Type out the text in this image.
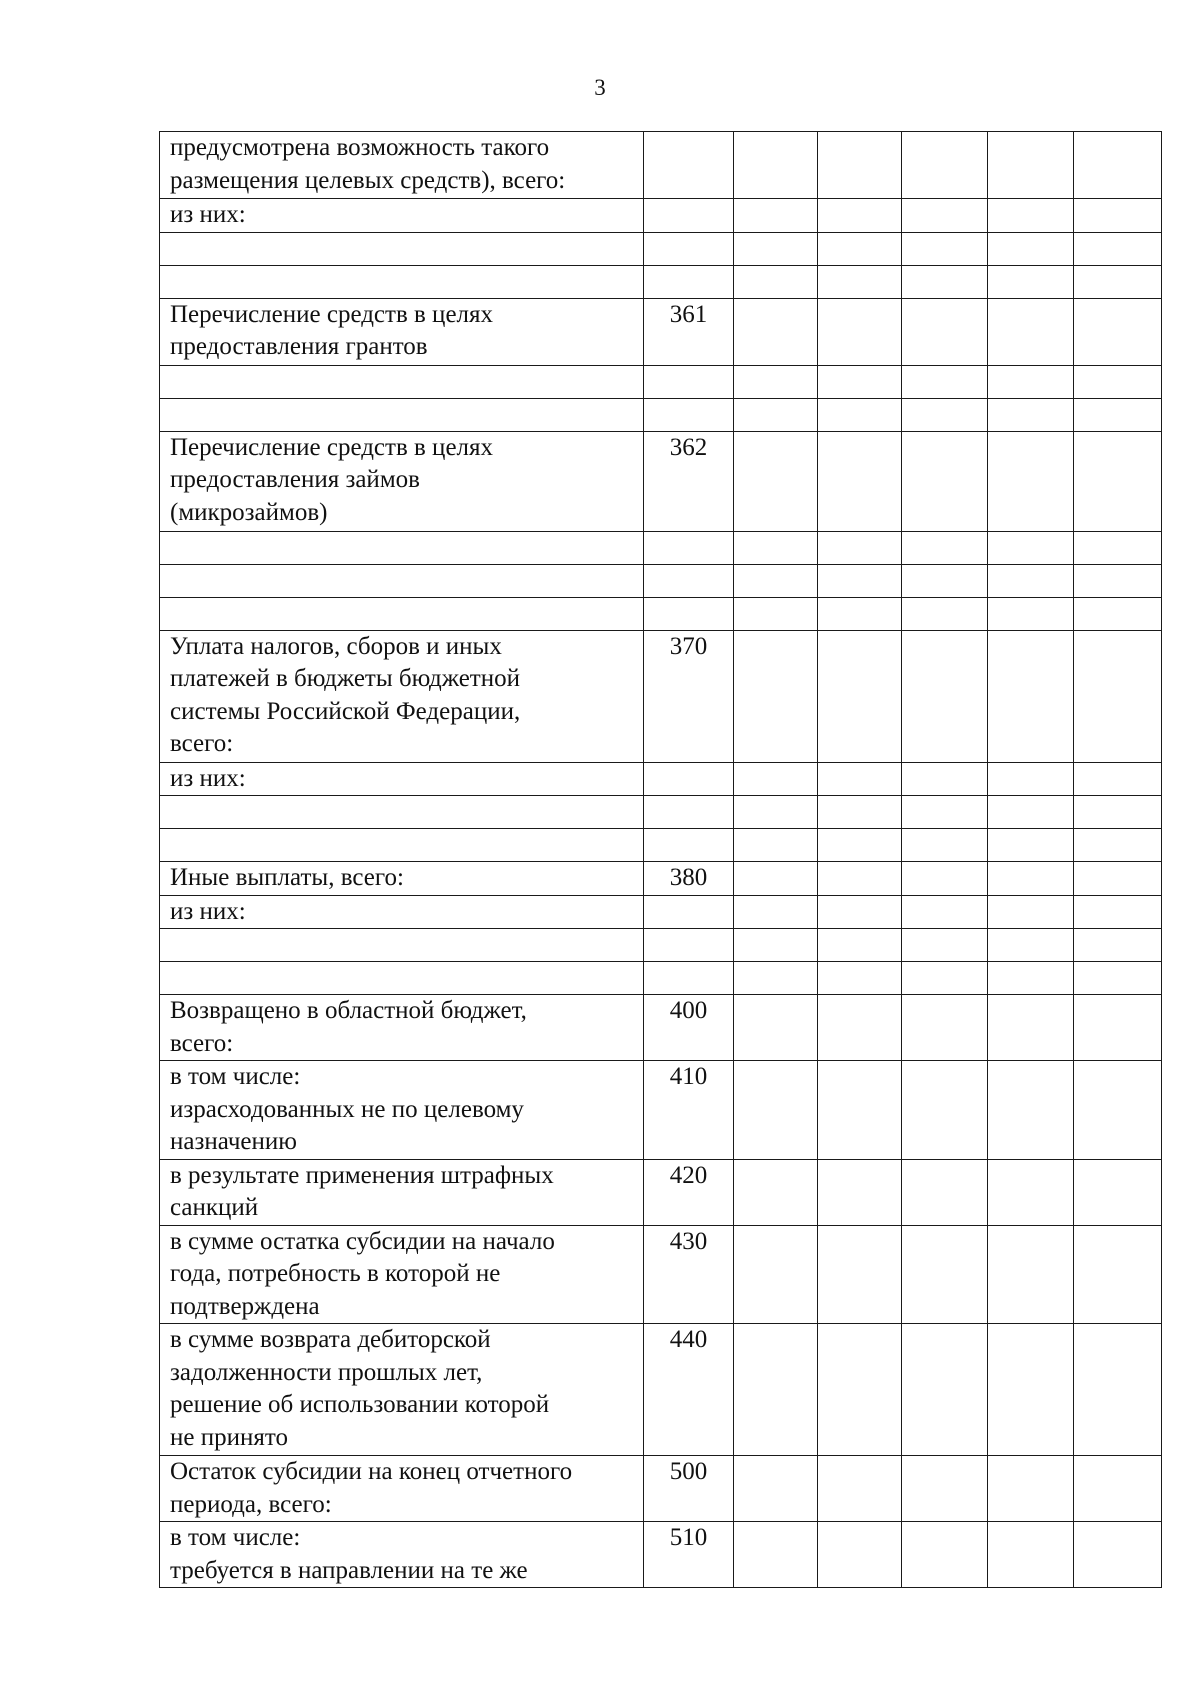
3
предусмотрена возможность такого
размещения целевых средств), всего:						
из них:						

Перечисление средств в целях
предоставления грантов	361					

Перечисление средств в целях
предоставления займов
(микрозаймов)	362					

Уплата налогов, сборов и иных
платежей в бюджеты бюджетной
системы Российской Федерации,
всего:	370					
из них:						

Иные выплаты, всего:	380					
из них:						

Возвращено в областной бюджет,
всего:	400					
в том числе:
израсходованных не по целевому
назначению	410					
в результате применения штрафных
санкций	420					
в сумме остатка субсидии на начало
года, потребность в которой не
подтверждена	430					
в сумме возврата дебиторской
задолженности прошлых лет,
решение об использовании которой
не принято	440					
Остаток субсидии на конец отчетного
периода, всего:	500					
в том числе:
требуется в направлении на те же	510					
